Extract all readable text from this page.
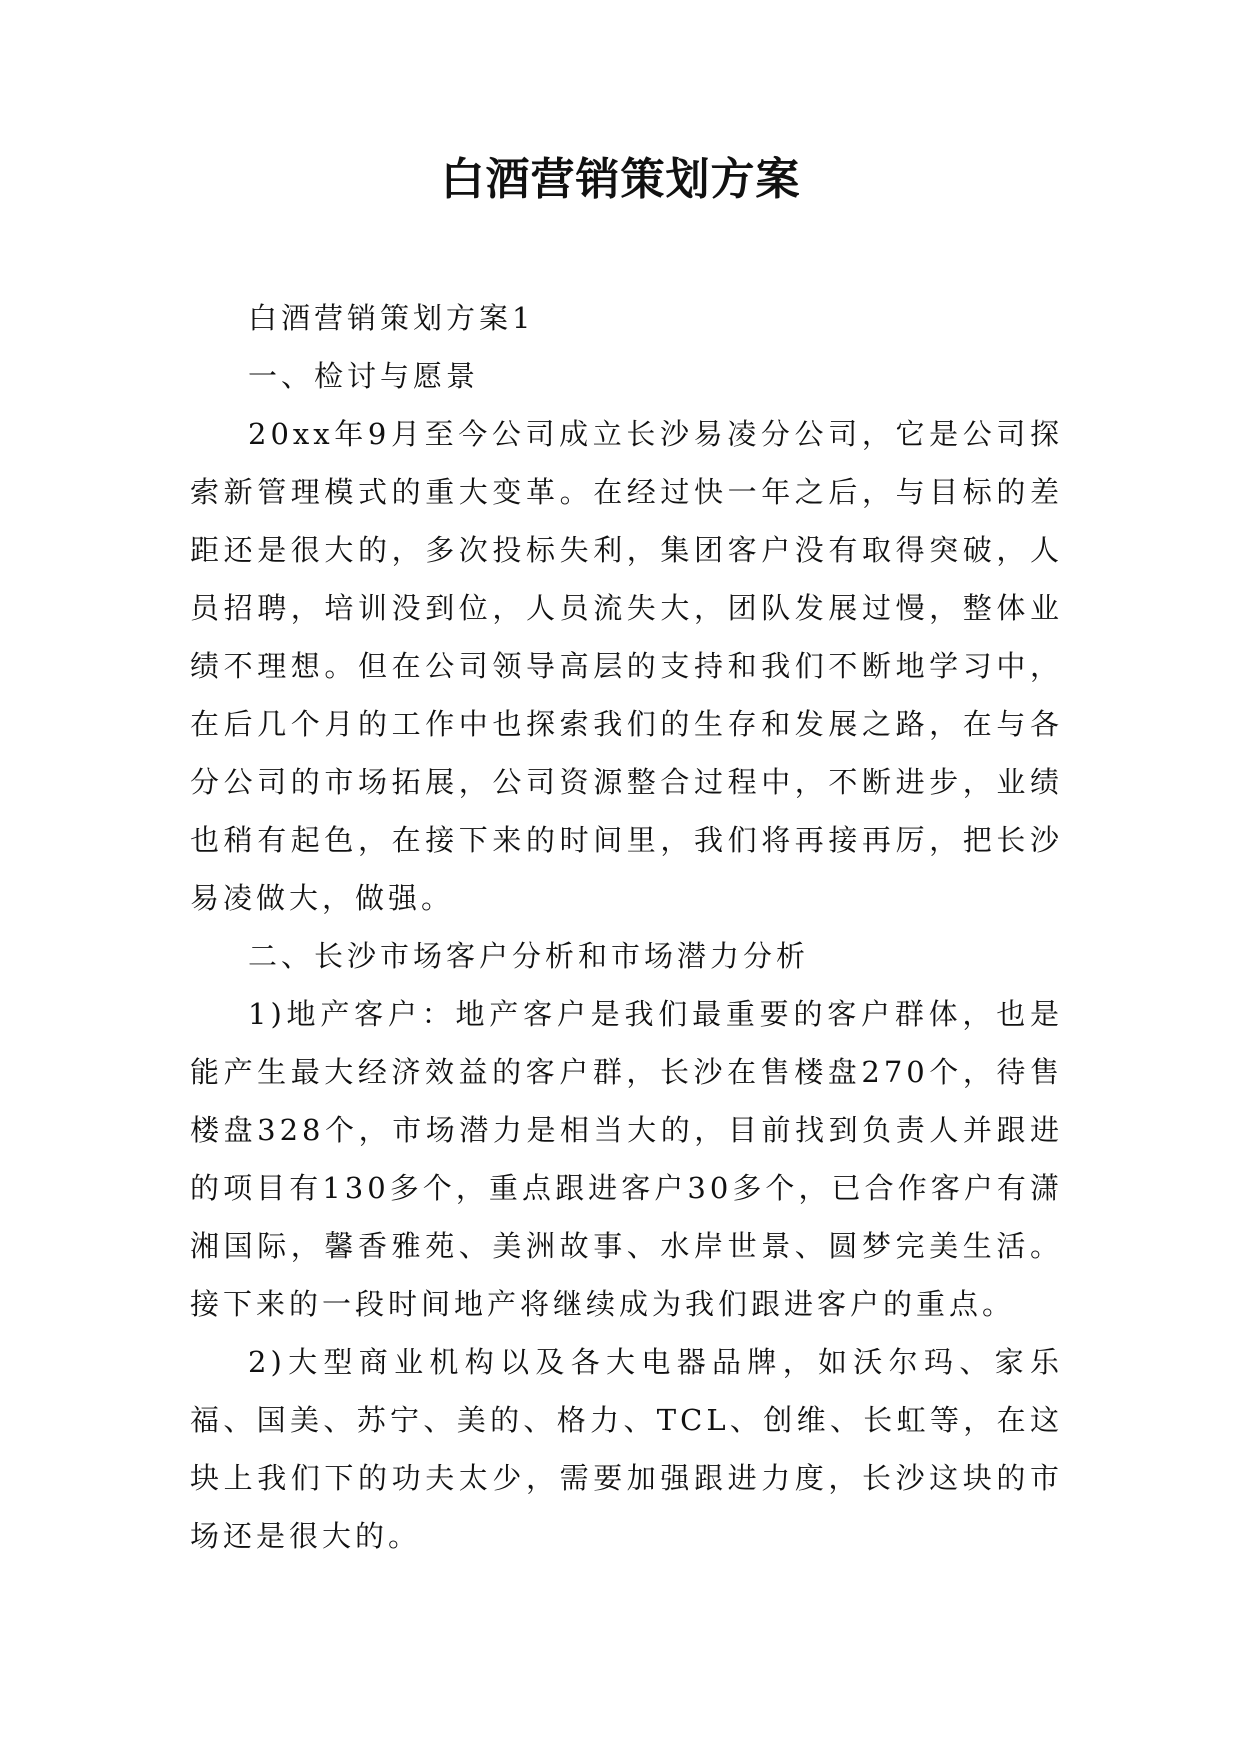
白酒营销策划方案

白酒营销策划方案1

一、检讨与愿景

20xx年9月至今公司成立长沙易凌分公司，它是公司探索新管理模式的重大变革。在经过快一年之后，与目标的差距还是很大的，多次投标失利，集团客户没有取得突破，人员招聘，培训没到位，人员流失大，团队发展过慢，整体业绩不理想。但在公司领导高层的支持和我们不断地学习中，在后几个月的工作中也探索我们的生存和发展之路，在与各分公司的市场拓展，公司资源整合过程中，不断进步，业绩也稍有起色，在接下来的时间里，我们将再接再厉，把长沙易凌做大，做强。

二、长沙市场客户分析和市场潜力分析

1)地产客户：地产客户是我们最重要的客户群体，也是能产生最大经济效益的客户群，长沙在售楼盘270个，待售楼盘328个，市场潜力是相当大的，目前找到负责人并跟进的项目有130多个，重点跟进客户30多个，已合作客户有潇湘国际，馨香雅苑、美洲故事、水岸世景、圆梦完美生活。接下来的一段时间地产将继续成为我们跟进客户的重点。

2)大型商业机构以及各大电器品牌，如沃尔玛、家乐福、国美、苏宁、美的、格力、TCL、创维、长虹等，在这块上我们下的功夫太少，需要加强跟进力度，长沙这块的市场还是很大的。
